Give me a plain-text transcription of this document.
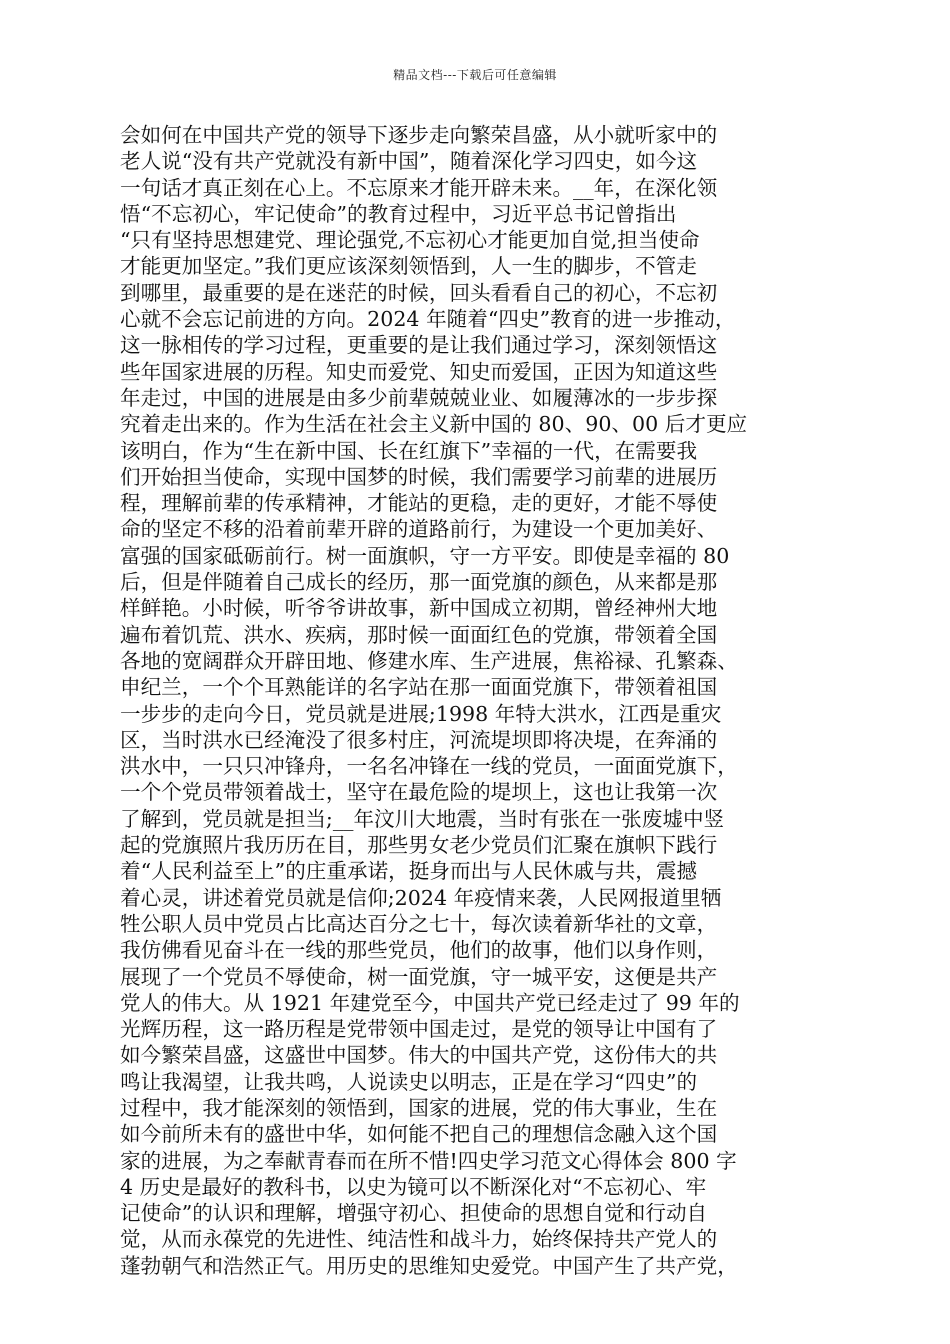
精品文档---下载后可任意编辑
会如何在中国共产党的领导下逐步走向繁荣昌盛，从小就听家中的
老人说“没有共产党就没有新中国”，随着深化学习四史，如今这
一句话才真正刻在心上。不忘原来才能开辟未来。__年，在深化领
悟“不忘初心，牢记使命”的教育过程中，习近平总书记曾指出
“只有坚持思想建党、理论强党,不忘初心才能更加自觉,担当使命
才能更加坚定。”我们更应该深刻领悟到，人一生的脚步，不管走
到哪里，最重要的是在迷茫的时候，回头看看自己的初心，不忘初
心就不会忘记前进的方向。2024 年随着“四史”教育的进一步推动，
这一脉相传的学习过程，更重要的是让我们通过学习，深刻领悟这
些年国家进展的历程。知史而爱党、知史而爱国，正因为知道这些
年走过，中国的进展是由多少前辈兢兢业业、如履薄冰的一步步探
究着走出来的。作为生活在社会主义新中国的 80、90、00 后才更应
该明白，作为“生在新中国、长在红旗下”幸福的一代，在需要我
们开始担当使命，实现中国梦的时候，我们需要学习前辈的进展历
程，理解前辈的传承精神，才能站的更稳，走的更好，才能不辱使
命的坚定不移的沿着前辈开辟的道路前行，为建设一个更加美好、
富强的国家砥砺前行。树一面旗帜，守一方平安。即使是幸福的 80
后，但是伴随着自己成长的经历，那一面党旗的颜色，从来都是那
样鲜艳。小时候，听爷爷讲故事，新中国成立初期，曾经神州大地
遍布着饥荒、洪水、疾病，那时候一面面红色的党旗，带领着全国
各地的宽阔群众开辟田地、修建水库、生产进展，焦裕禄、孔繁森、
申纪兰，一个个耳熟能详的名字站在那一面面党旗下，带领着祖国
一步步的走向今日，党员就是进展;1998 年特大洪水，江西是重灾
区，当时洪水已经淹没了很多村庄，河流堤坝即将决堤，在奔涌的
洪水中，一只只冲锋舟，一名名冲锋在一线的党员，一面面党旗下，
一个个党员带领着战士，坚守在最危险的堤坝上，这也让我第一次
了解到，党员就是担当;__年汶川大地震，当时有张在一张废墟中竖
起的党旗照片我历历在目，那些男女老少党员们汇聚在旗帜下践行
着“人民利益至上”的庄重承诺，挺身而出与人民休戚与共，震撼
着心灵，讲述着党员就是信仰;2024 年疫情来袭，人民网报道里牺
牲公职人员中党员占比高达百分之七十，每次读着新华社的文章，
我仿佛看见奋斗在一线的那些党员，他们的故事，他们以身作则，
展现了一个党员不辱使命，树一面党旗，守一城平安，这便是共产
党人的伟大。从 1921 年建党至今，中国共产党已经走过了 99 年的
光辉历程，这一路历程是党带领中国走过，是党的领导让中国有了
如今繁荣昌盛，这盛世中国梦。伟大的中国共产党，这份伟大的共
鸣让我渴望，让我共鸣，人说读史以明志，正是在学习“四史”的
过程中，我才能深刻的领悟到，国家的进展，党的伟大事业，生在
如今前所未有的盛世中华，如何能不把自己的理想信念融入这个国
家的进展，为之奉献青春而在所不惜!四史学习范文心得体会 800 字
4 历史是最好的教科书，以史为镜可以不断深化对“不忘初心、牢
记使命”的认识和理解，增强守初心、担使命的思想自觉和行动自
觉，从而永葆党的先进性、纯洁性和战斗力，始终保持共产党人的
蓬勃朝气和浩然正气。用历史的思维知史爱党。中国产生了共产党，
